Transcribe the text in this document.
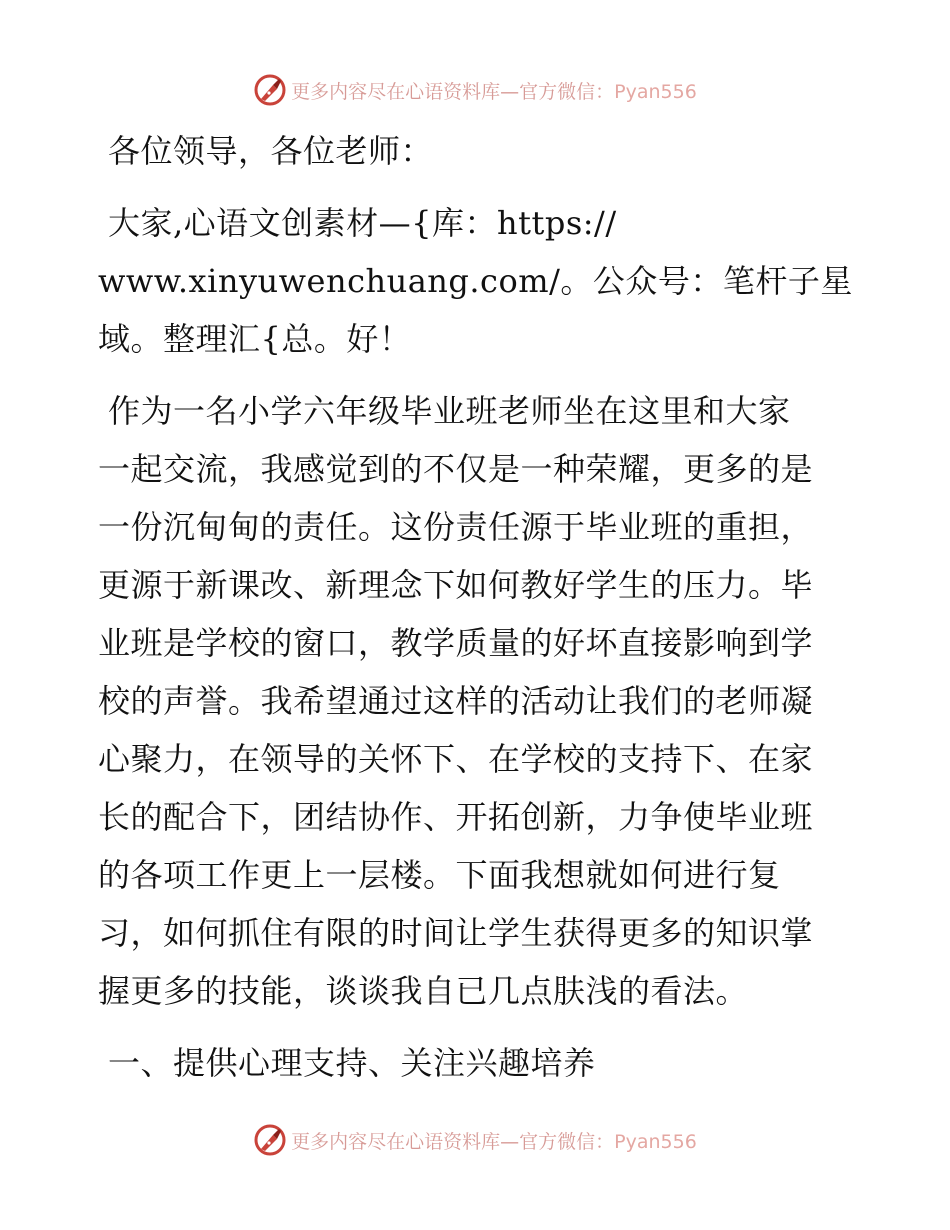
更多内容尽在心语资料库—官方微信：Pyan556

各位领导，各位老师：

大家,心语文创素材—{库：https://
www.xinyuwenchuang.com/。公众号：笔杆子星
域。整理汇{总。好！

作为一名小学六年级毕业班老师坐在这里和大家
一起交流，我感觉到的不仅是一种荣耀，更多的是
一份沉甸甸的责任。这份责任源于毕业班的重担，
更源于新课改、新理念下如何教好学生的压力。毕
业班是学校的窗口，教学质量的好坏直接影响到学
校的声誉。我希望通过这样的活动让我们的老师凝
心聚力，在领导的关怀下、在学校的支持下、在家
长的配合下，团结协作、开拓创新，力争使毕业班
的各项工作更上一层楼。下面我想就如何进行复
习，如何抓住有限的时间让学生获得更多的知识掌
握更多的技能，谈谈我自已几点肤浅的看法。

一、提供心理支持、关注兴趣培养

更多内容尽在心语资料库—官方微信：Pyan556
